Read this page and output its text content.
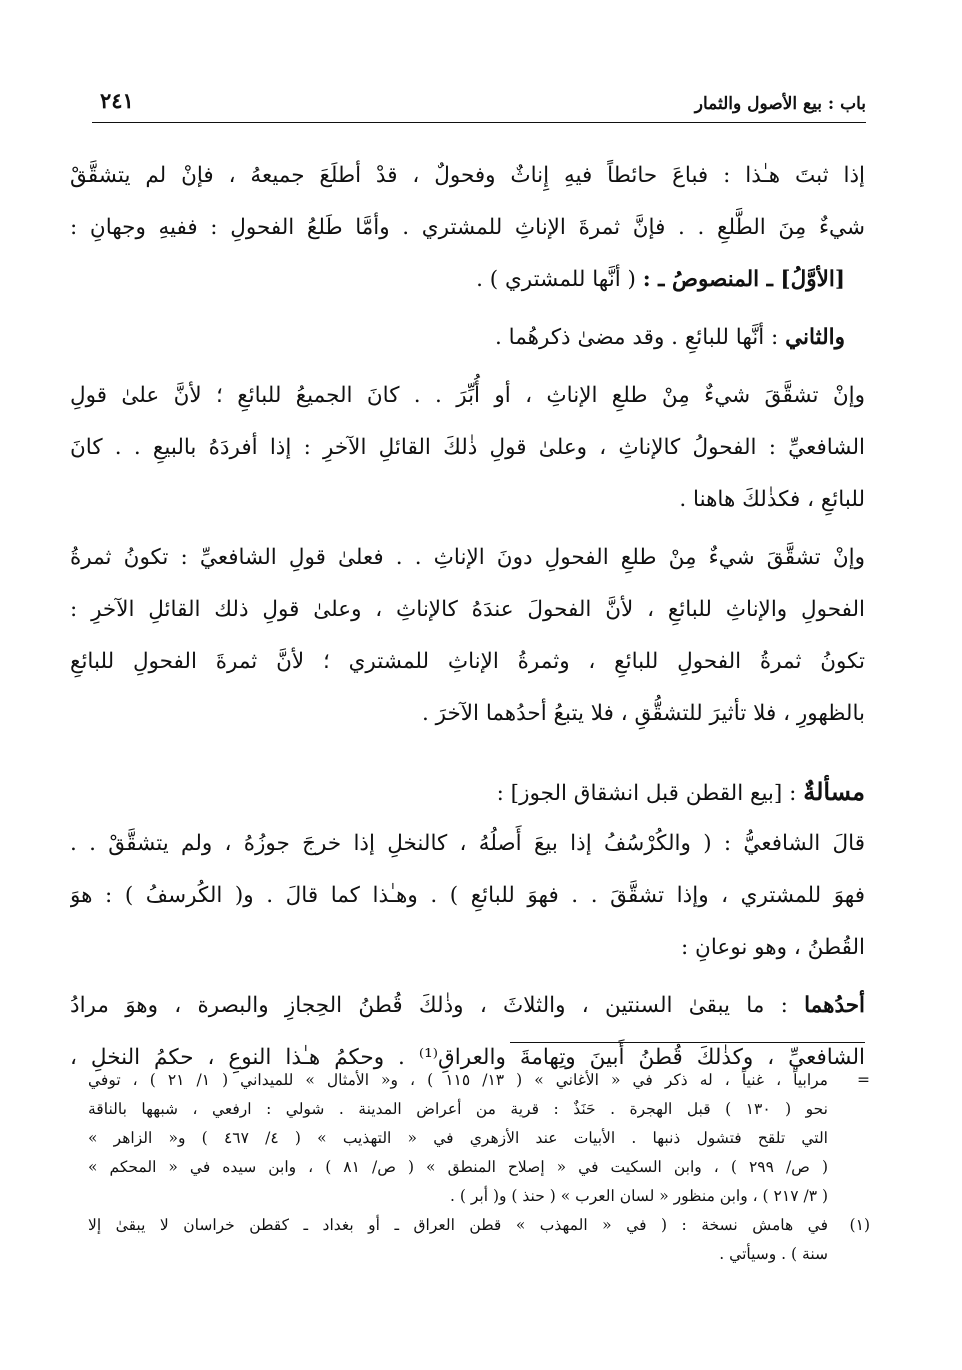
باب : بيع الأصول والثمار
٢٤١
إذا ثبتَ هـٰذا : فباعَ حائطاً فيهِ إِناثٌ وفحولٌ ، قدْ أطلَعَ جميعهُ ، فإنْ لم يتشقَّقْ
شيءٌ مِنَ الطَّلعِ . . فإنَّ ثمرةَ الإناثِ للمشتري . وأمَّا طَلعُ الفحولِ : ففيهِ وجهانِ :
[الأوَّلُ] ـ المنصوصُ ـ : ( أنَّها للمشتري ) .
والثاني : أنَّها للبائعِ . وقد مضىٰ ذكرهُما .
وإنْ تشقَّقَ شيءٌ مِنْ طلعِ الإناثِ ، أو أُبِّرَ . . كانَ الجميعُ للبائعِ ؛ لأنَّ علىٰ قولِ
الشافعيِّ : الفحولُ كالإناثِ ، وعلىٰ قولِ ذٰلكَ القائلِ الآخرِ : إذا أفردَهُ بالبيعِ . . كانَ
للبائعِ ، فكذٰلكَ هاهنا .
وإنْ تشقَّقَ شيءٌ مِنْ طلعِ الفحولِ دونَ الإناثِ . . فعلىٰ قولِ الشافعيِّ : تكونُ ثمرةُ
الفحولِ والإناثِ للبائعِ ، لأنَّ الفحولَ عندَهُ كالإناثِ ، وعلىٰ قولِ ذلك القائلِ الآخرِ :
تكونُ ثمرةُ الفحولِ للبائعِ ، وثمرةُ الإناثِ للمشتري ؛ لأنَّ ثمرةَ الفحولِ للبائعِ
بالظهورِ ، فلا تأثيرَ للتشقُّقِ ، فلا يتبعُ أحدُهما الآخرَ .
مسألةٌ : [بيع القطن قبل انشقاق الجوز] :
قالَ الشافعيُّ : ( والكُرْسُفُ إذا بيعَ أَصلُهُ ، كالنخلِ إذا خرجَ جوزُهُ ، ولم يتشقَّقْ . .
فهوَ للمشتري ، وإذا تشقَّقَ . . فهوَ للبائعِ ) . وهـٰذا كما قالَ . و( الكُرسفُ ) : هوَ
القُطنُ ، وهو نوعانِ :
أحدُهما : ما يبقىٰ السنتين ، والثلاثَ ، وذٰلكَ قُطنُ الحِجازِ والبصرة ، وهوَ مرادُ
الشافعيِّ ، وكذٰلكَ قُطنُ أَبينَ وتِهامةَ والعراقِ⁽¹⁾ . وحكمُ هـٰذا النوعِ ، حكمُ النخلِ ،
=
مرابياً ، غنياً ، له ذكر في « الأغاني » ( ١٣/ ١١٥ ) ، و« الأمثال » للميداني ( ١/ ٢١ ) ، توفي
نحو ( ١٣٠ ) قبل الهجرة . حَنَذٌ : قرية من أعراض المدينة . شولي : ارفعي ، شبهها بالناقة
التي تلقح فتشول ذنبها . الأبيات عند الأزهري في « التهذيب » ( ٤/ ٤٦٧ ) و« الزاهر »
( ص/ ٢٩٩ ) ، وابن السكيت في « إصلاح المنطق » ( ص/ ٨١ ) ، وابن سيده في « المحكم »
( ٣/ ٢١٧ ) ، وابن منظور « لسان العرب » ( حنذ ) و( أبر ) .
(١)
في هامش نسخة : ( في « المهذب » قطن العراق ـ أو بغداد ـ كقطن خراسان لا يبقىٰ إلا
سنة ) . وسيأتي .
